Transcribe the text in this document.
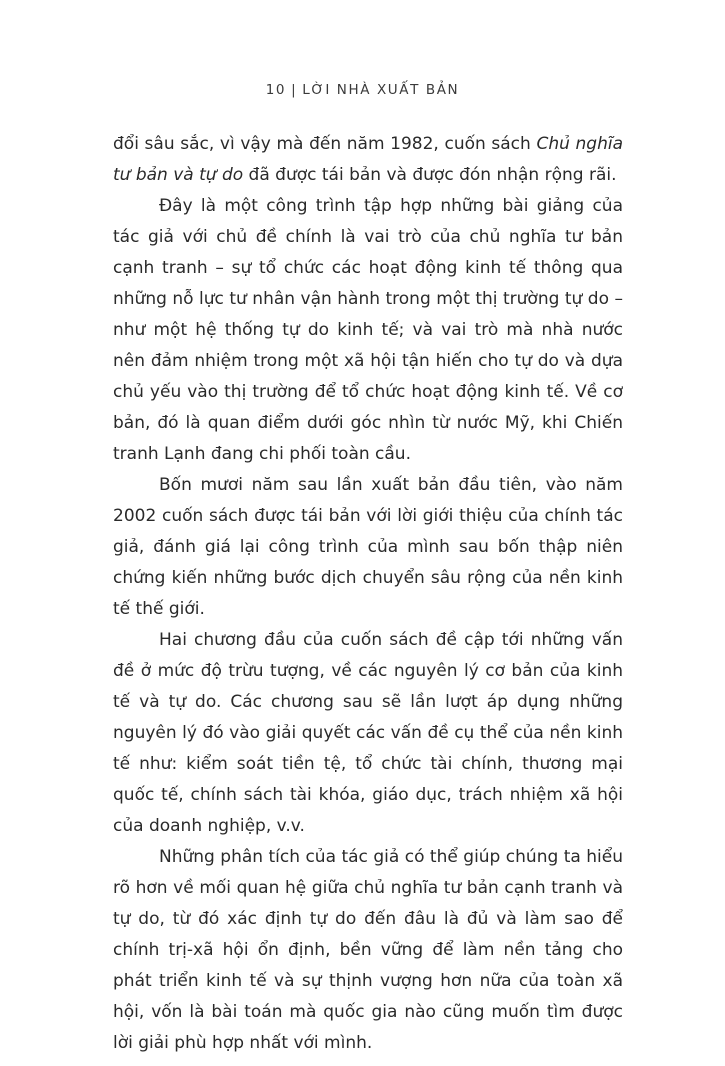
10 | LỜI NHÀ XUẤT BẢN

đổi sâu sắc, vì vậy mà đến năm 1982, cuốn sách Chủ nghĩa tư bản và tự do đã được tái bản và được đón nhận rộng rãi.

Đây là một công trình tập hợp những bài giảng của tác giả với chủ đề chính là vai trò của chủ nghĩa tư bản cạnh tranh – sự tổ chức các hoạt động kinh tế thông qua những nỗ lực tư nhân vận hành trong một thị trường tự do – như một hệ thống tự do kinh tế; và vai trò mà nhà nước nên đảm nhiệm trong một xã hội tận hiến cho tự do và dựa chủ yếu vào thị trường để tổ chức hoạt động kinh tế. Về cơ bản, đó là quan điểm dưới góc nhìn từ nước Mỹ, khi Chiến tranh Lạnh đang chi phối toàn cầu.

Bốn mươi năm sau lần xuất bản đầu tiên, vào năm 2002 cuốn sách được tái bản với lời giới thiệu của chính tác giả, đánh giá lại công trình của mình sau bốn thập niên chứng kiến những bước dịch chuyển sâu rộng của nền kinh tế thế giới.

Hai chương đầu của cuốn sách đề cập tới những vấn đề ở mức độ trừu tượng, về các nguyên lý cơ bản của kinh tế và tự do. Các chương sau sẽ lần lượt áp dụng những nguyên lý đó vào giải quyết các vấn đề cụ thể của nền kinh tế như: kiểm soát tiền tệ, tổ chức tài chính, thương mại quốc tế, chính sách tài khóa, giáo dục, trách nhiệm xã hội của doanh nghiệp, v.v.

Những phân tích của tác giả có thể giúp chúng ta hiểu rõ hơn về mối quan hệ giữa chủ nghĩa tư bản cạnh tranh và tự do, từ đó xác định tự do đến đâu là đủ và làm sao để chính trị-xã hội ổn định, bền vững để làm nền tảng cho phát triển kinh tế và sự thịnh vượng hơn nữa của toàn xã hội, vốn là bài toán mà quốc gia nào cũng muốn tìm được lời giải phù hợp nhất với mình.
